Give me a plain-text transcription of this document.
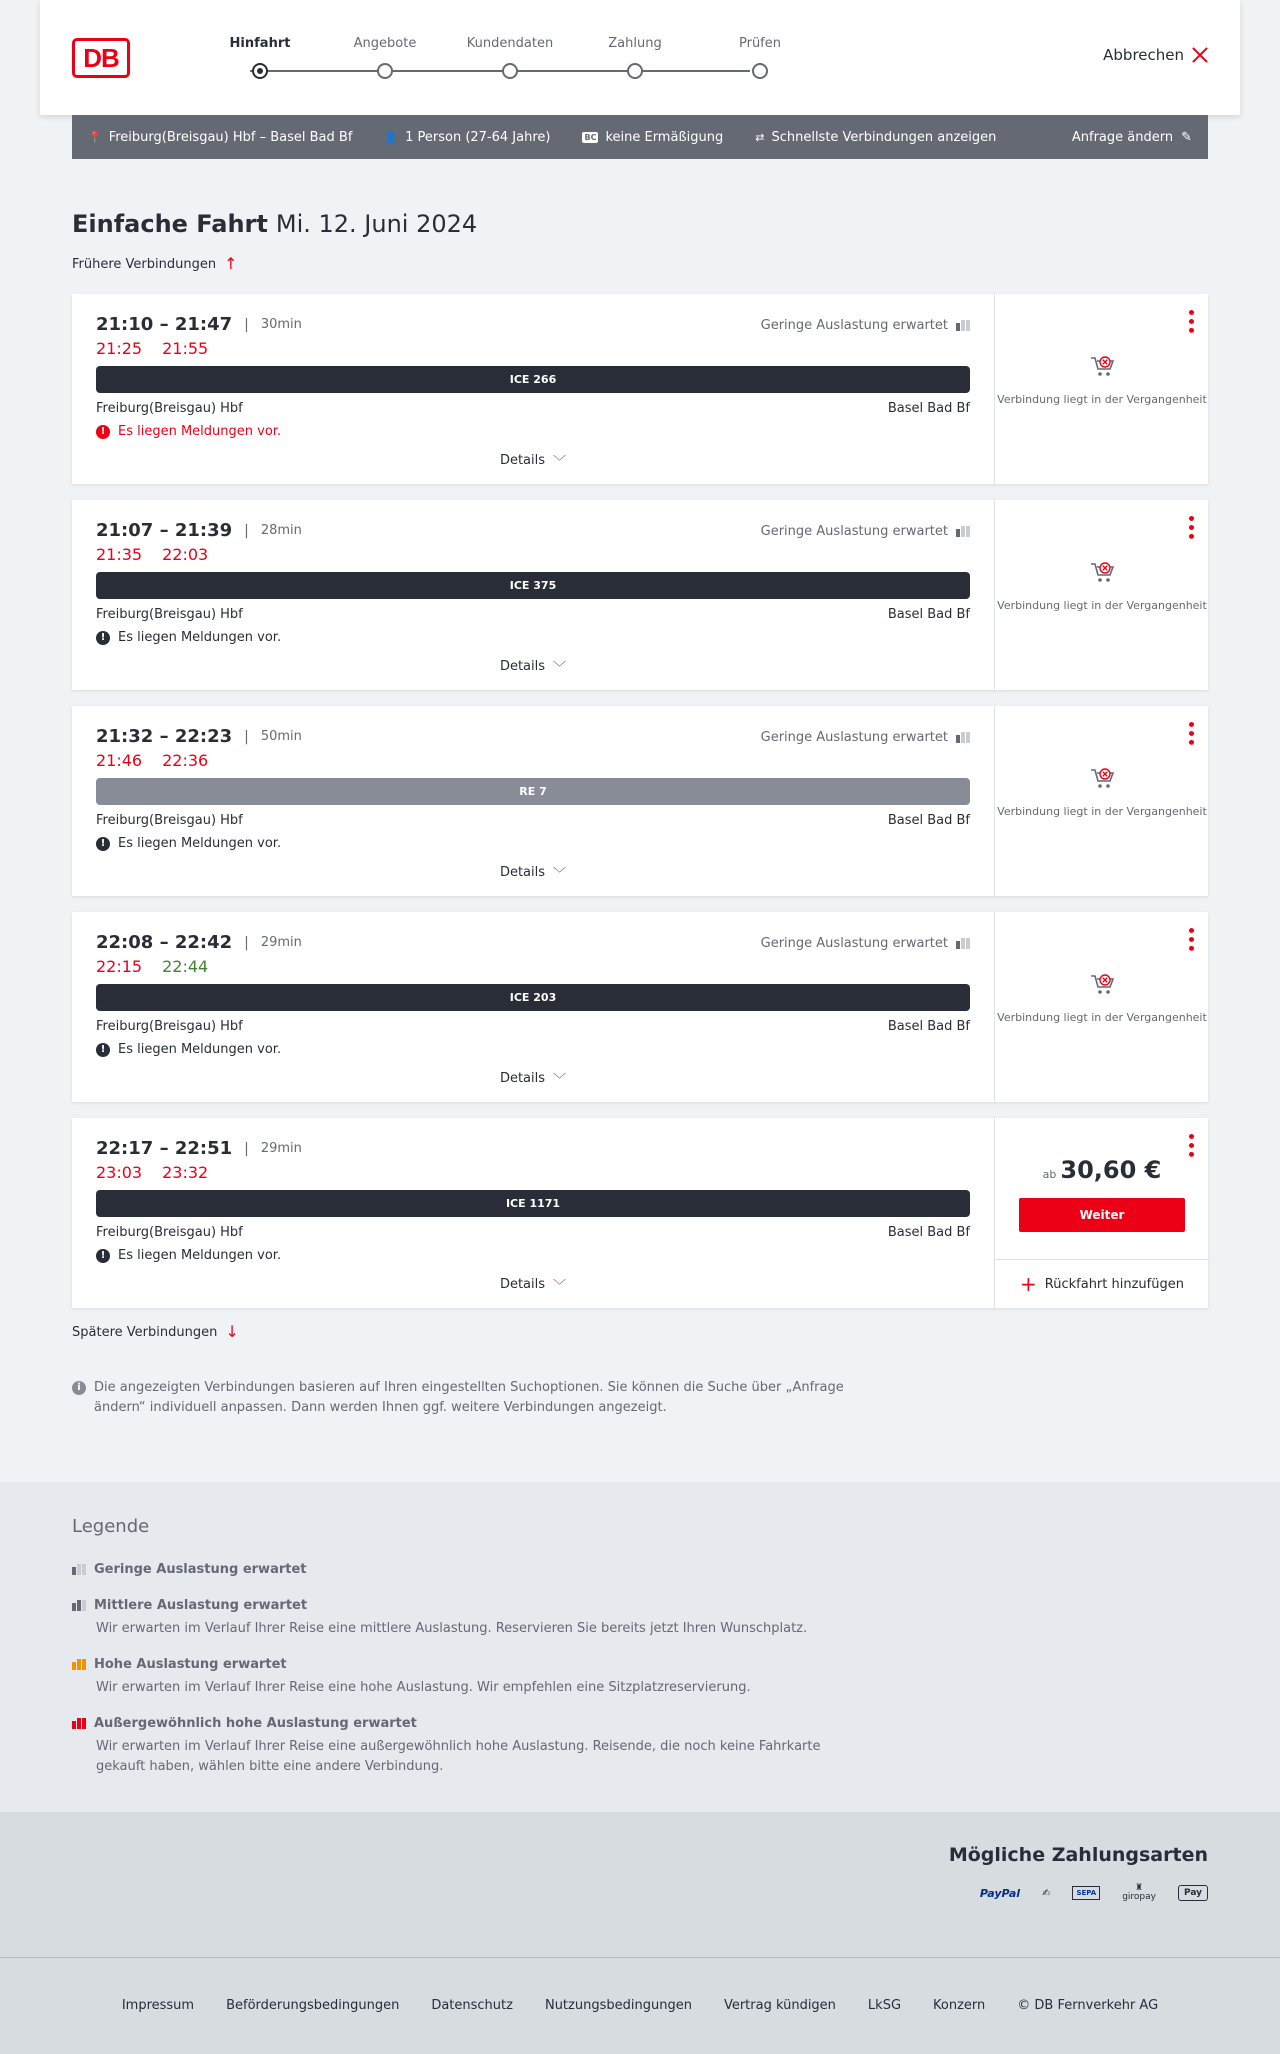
DB	Hinfahrt	Angebote	Kundendaten	Zahlung	Prüfen
Abbrechen
📍 Freiburg(Breisgau) Hbf – Basel Bad Bf	👤 1 Person (27-64 Jahre)	BC keine Ermäßigung	⇄ Schnellste Verbindungen anzeigen	Anfrage ändern ✎
Einfache Fahrt Mi. 12. Juni 2024
Frühere Verbindungen ↑
21:10 – 21:47 | 30min	Geringe Auslastung erwartet
21:25 21:55
ICE 266
Freiburg(Breisgau) Hbf	Basel Bad Bf
! Es liegen Meldungen vor.
Details ﹀
•••
Verbindung liegt in der Vergangenheit
21:07 – 21:39 | 28min	Geringe Auslastung erwartet
21:35 22:03
ICE 375
Freiburg(Breisgau) Hbf	Basel Bad Bf
! Es liegen Meldungen vor.
Details ﹀
•••
Verbindung liegt in der Vergangenheit
21:32 – 22:23 | 50min	Geringe Auslastung erwartet
21:46 22:36
RE 7
Freiburg(Breisgau) Hbf	Basel Bad Bf
! Es liegen Meldungen vor.
Details ﹀
•••
Verbindung liegt in der Vergangenheit
22:08 – 22:42 | 29min	Geringe Auslastung erwartet
22:15 22:44
ICE 203
Freiburg(Breisgau) Hbf	Basel Bad Bf
! Es liegen Meldungen vor.
Details ﹀
•••
Verbindung liegt in der Vergangenheit
22:17 – 22:51 | 29min
23:03 23:32
ICE 1171
Freiburg(Breisgau) Hbf	Basel Bad Bf
! Es liegen Meldungen vor.
Details ﹀
•••
ab 30,60 €
Weiter
+ Rückfahrt hinzufügen
Spätere Verbindungen ↓
i	Die angezeigten Verbindungen basieren auf Ihren eingestellten Suchoptionen. Sie können die Suche über „Anfrage ändern“ individuell anpassen. Dann werden Ihnen ggf. weitere Verbindungen angezeigt.
Legende
Geringe Auslastung erwartet
Mittlere Auslastung erwartet
Wir erwarten im Verlauf Ihrer Reise eine mittlere Auslastung. Reservieren Sie bereits jetzt Ihren Wunschplatz.
Hohe Auslastung erwartet
Wir erwarten im Verlauf Ihrer Reise eine hohe Auslastung. Wir empfehlen eine Sitzplatzreservierung.
Außergewöhnlich hohe Auslastung erwartet
Wir erwarten im Verlauf Ihrer Reise eine außergewöhnlich hohe Auslastung. Reisende, die noch keine Fahrkarte gekauft haben, wählen bitte eine andere Verbindung.
Mögliche Zahlungsarten
PayPal ✍	SEPA	♜
giropay	Pay
Impressum Beförderungsbedingungen Datenschutz Nutzungsbedingungen Vertrag kündigen LkSG Konzern © DB Fernverkehr AG
